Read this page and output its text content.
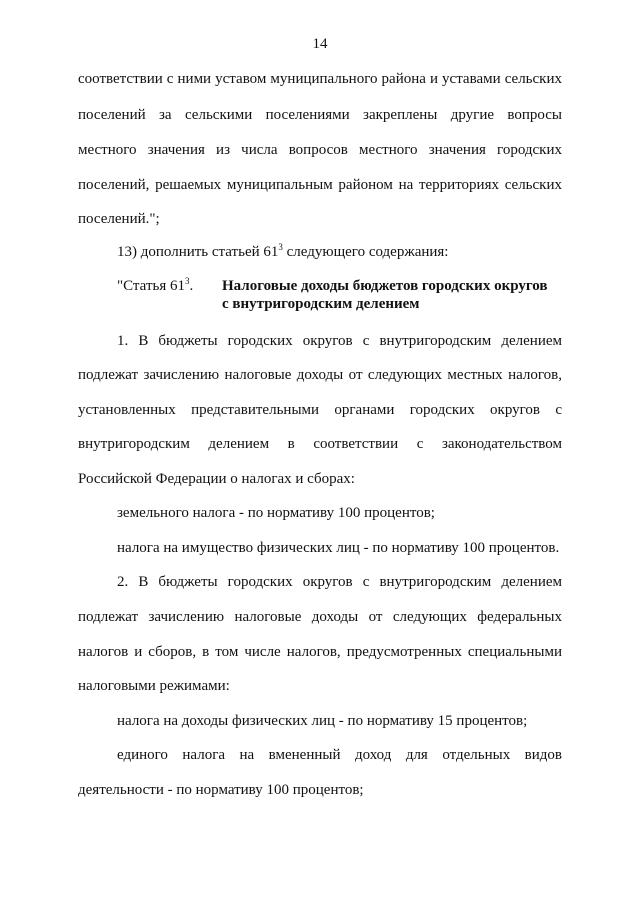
14
соответствии с ними уставом муниципального района и уставами сельских
поселений за сельскими поселениями закреплены другие вопросы
местного значения из числа вопросов местного значения городских
поселений, решаемых муниципальным районом на территориях сельских
поселений.";
13) дополнить статьей $61^3$ следующего содержания:
"Статья $61^3$. Налоговые доходы бюджетов городских округов
с внутригородским делением
1. В бюджеты городских округов с внутригородским делением
подлежат зачислению налоговые доходы от следующих местных налогов,
установленных представительными органами городских округов с
внутригородским делением в соответствии с законодательством
Российской Федерации о налогах и сборах:
земельного налога - по нормативу 100 процентов;
налога на имущество физических лиц - по нормативу 100 процентов.
2. В бюджеты городских округов с внутригородским делением
подлежат зачислению налоговые доходы от следующих федеральных
налогов и сборов, в том числе налогов, предусмотренных специальными
налоговыми режимами:
налога на доходы физических лиц - по нормативу 15 процентов;
единого налога на вмененный доход для отдельных видов
деятельности - по нормативу 100 процентов;
